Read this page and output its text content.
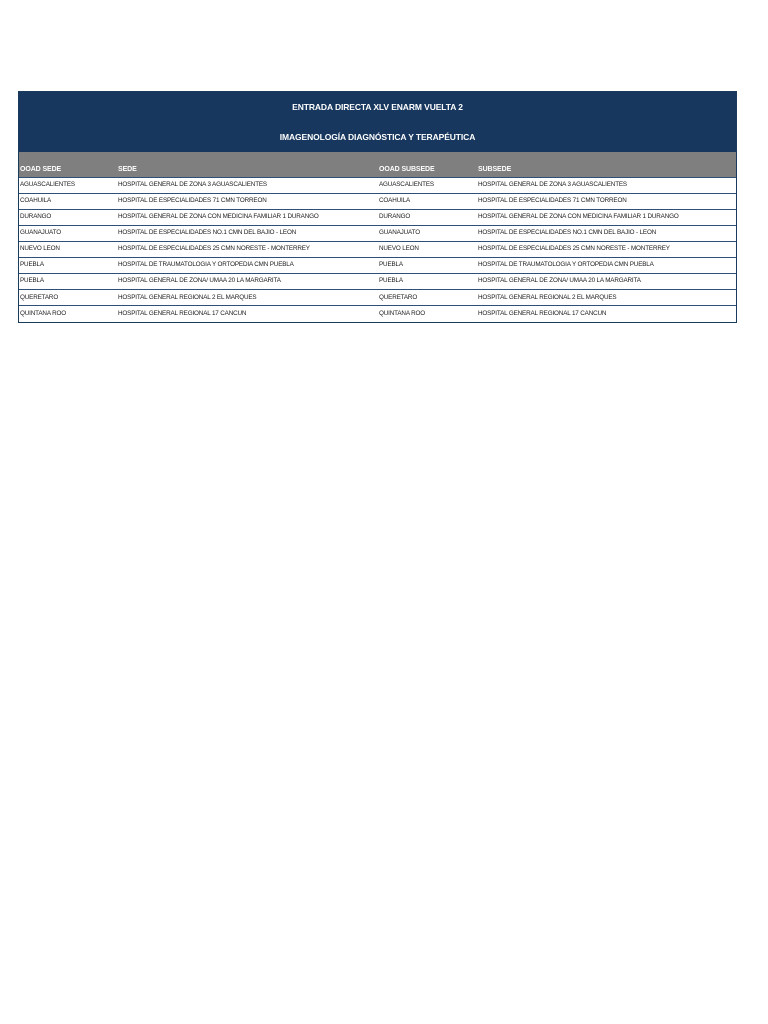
ENTRADA DIRECTA XLV ENARM VUELTA 2
IMAGENOLOGÍA DIAGNÓSTICA Y TERAPÉUTICA
OOAD SEDE	SEDE	OOAD SUBSEDE	SUBSEDE
AGUASCALIENTES	HOSPITAL GENERAL DE ZONA 3 AGUASCALIENTES	AGUASCALIENTES	HOSPITAL GENERAL DE ZONA 3 AGUASCALIENTES
COAHUILA	HOSPITAL DE ESPECIALIDADES 71 CMN TORREON	COAHUILA	HOSPITAL DE ESPECIALIDADES 71 CMN TORREON
DURANGO	HOSPITAL GENERAL DE ZONA CON MEDICINA FAMILIAR 1 DURANGO	DURANGO	HOSPITAL GENERAL DE ZONA CON MEDICINA FAMILIAR 1 DURANGO
GUANAJUATO	HOSPITAL DE ESPECIALIDADES NO.1 CMN DEL BAJIO - LEON	GUANAJUATO	HOSPITAL DE ESPECIALIDADES NO.1 CMN DEL BAJIO - LEON
NUEVO LEON	HOSPITAL DE ESPECIALIDADES 25 CMN NORESTE - MONTERREY	NUEVO LEON	HOSPITAL DE ESPECIALIDADES 25 CMN NORESTE - MONTERREY
PUEBLA	HOSPITAL DE TRAUMATOLOGIA Y ORTOPEDIA CMN PUEBLA	PUEBLA	HOSPITAL DE TRAUMATOLOGIA Y ORTOPEDIA CMN PUEBLA
PUEBLA	HOSPITAL GENERAL DE ZONA/ UMAA 20 LA MARGARITA	PUEBLA	HOSPITAL GENERAL DE ZONA/ UMAA 20 LA MARGARITA
QUERETARO	HOSPITAL GENERAL REGIONAL 2 EL MARQUES	QUERETARO	HOSPITAL GENERAL REGIONAL 2 EL MARQUES
QUINTANA ROO	HOSPITAL GENERAL REGIONAL 17 CANCUN	QUINTANA ROO	HOSPITAL GENERAL REGIONAL 17 CANCUN
